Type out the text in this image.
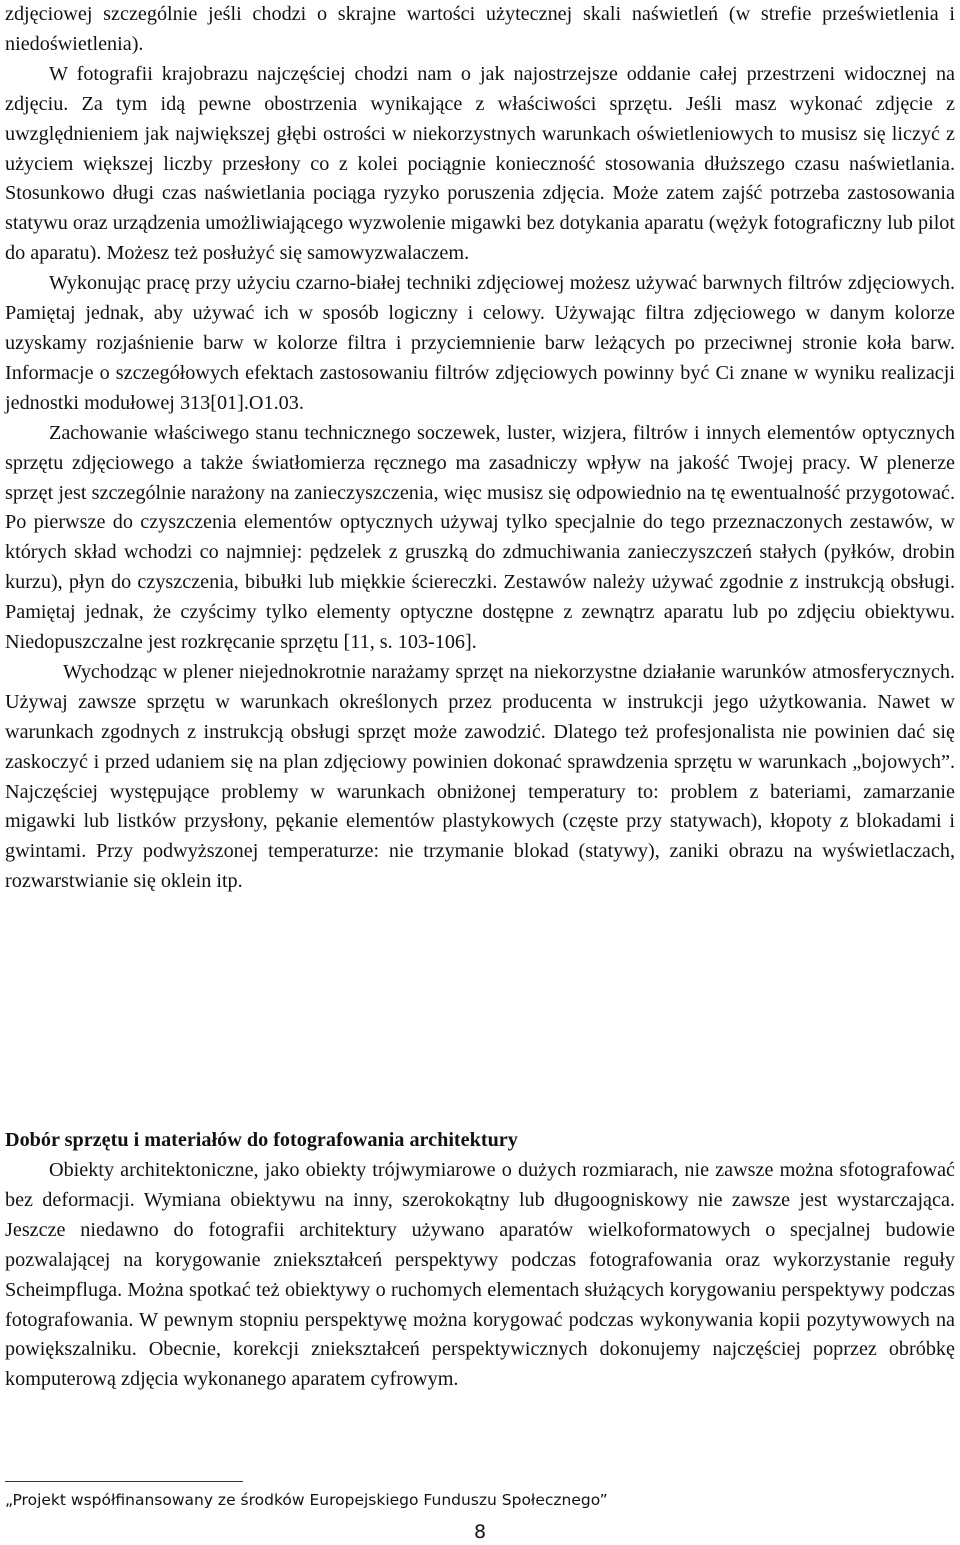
zdjęciowej szczególnie jeśli chodzi o skrajne wartości użytecznej skali naświetleń (w strefie prześwietlenia i niedoświetlenia).

W fotografii krajobrazu najczęściej chodzi nam o jak najostrzejsze oddanie całej przestrzeni widocznej na zdjęciu. Za tym idą pewne obostrzenia wynikające z właściwości sprzętu. Jeśli masz wykonać zdjęcie z uwzględnieniem jak największej głębi ostrości w niekorzystnych warunkach oświetleniowych to musisz się liczyć z użyciem większej liczby przesłony co z kolei pociągnie konieczność stosowania dłuższego czasu naświetlania. Stosunkowo długi czas naświetlania pociąga ryzyko poruszenia zdjęcia. Może zatem zajść potrzeba zastosowania statywu oraz urządzenia umożliwiającego wyzwolenie migawki bez dotykania aparatu (wężyk fotograficzny lub pilot do aparatu). Możesz też posłużyć się samowyzwalaczem.

Wykonując pracę przy użyciu czarno-białej techniki zdjęciowej możesz używać barwnych filtrów zdjęciowych. Pamiętaj jednak, aby używać ich w sposób logiczny i celowy. Używając filtra zdjęciowego w danym kolorze uzyskamy rozjaśnienie barw w kolorze filtra i przyciemnienie barw leżących po przeciwnej stronie koła barw. Informacje o szczegółowych efektach zastosowaniu filtrów zdjęciowych powinny być Ci znane w wyniku realizacji jednostki modułowej 313[01].O1.03.

Zachowanie właściwego stanu technicznego soczewek, luster, wizjera, filtrów i innych elementów optycznych sprzętu zdjęciowego a także światłomierza ręcznego ma zasadniczy wpływ na jakość Twojej pracy. W plenerze sprzęt jest szczególnie narażony na zanieczyszczenia, więc musisz się odpowiednio na tę ewentualność przygotować. Po pierwsze do czyszczenia elementów optycznych używaj tylko specjalnie do tego przeznaczonych zestawów, w których skład wchodzi co najmniej: pędzelek z gruszką do zdmuchiwania zanieczyszczeń stałych (pyłków, drobin kurzu), płyn do czyszczenia, bibułki lub miękkie ściereczki. Zestawów należy używać zgodnie z instrukcją obsługi. Pamiętaj jednak, że czyścimy tylko elementy optyczne dostępne z zewnątrz aparatu lub po zdjęciu obiektywu. Niedopuszczalne jest rozkręcanie sprzętu [11, s. 103-106].

Wychodząc w plener niejednokrotnie narażamy sprzęt na niekorzystne działanie warunków atmosferycznych. Używaj zawsze sprzętu w warunkach określonych przez producenta w instrukcji jego użytkowania. Nawet w warunkach zgodnych z instrukcją obsługi sprzęt może zawodzić. Dlatego też profesjonalista nie powinien dać się zaskoczyć i przed udaniem się na plan zdjęciowy powinien dokonać sprawdzenia sprzętu w warunkach „bojowych”. Najczęściej występujące problemy w warunkach obniżonej temperatury to: problem z bateriami, zamarzanie migawki lub listków przysłony, pękanie elementów plastykowych (częste przy statywach), kłopoty z blokadami i gwintami. Przy podwyższonej temperaturze: nie trzymanie blokad (statywy), zaniki obrazu na wyświetlaczach, rozwarstwianie się oklein itp.

Dobór sprzętu i materiałów do fotografowania architektury

Obiekty architektoniczne, jako obiekty trójwymiarowe o dużych rozmiarach, nie zawsze można sfotografować bez deformacji. Wymiana obiektywu na inny, szerokokątny lub długoogniskowy nie zawsze jest wystarczająca. Jeszcze niedawno do fotografii architektury używano aparatów wielkoformatowych o specjalnej budowie pozwalającej na korygowanie zniekształceń perspektywy podczas fotografowania oraz wykorzystanie reguły Scheimpfluga. Można spotkać też obiektywy o ruchomych elementach służących korygowaniu perspektywy podczas fotografowania. W pewnym stopniu perspektywę można korygować podczas wykonywania kopii pozytywowych na powiększalniku. Obecnie, korekcji zniekształceń perspektywicznych dokonujemy najczęściej poprzez obróbkę komputerową zdjęcia wykonanego aparatem cyfrowym.

„Projekt współfinansowany ze środków Europejskiego Funduszu Społecznego”

8
